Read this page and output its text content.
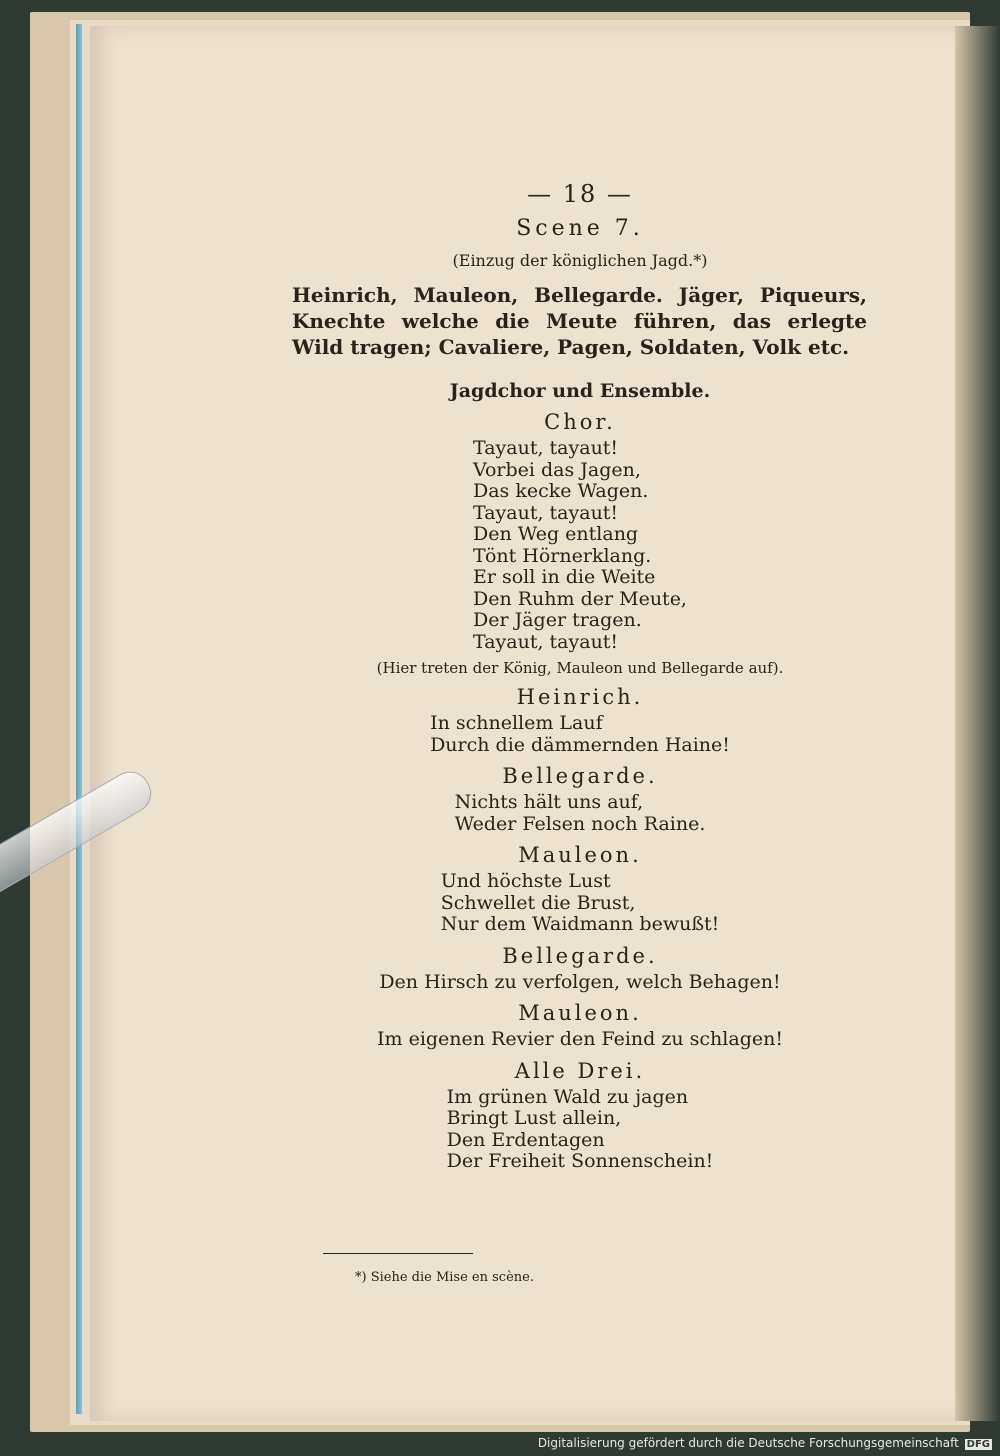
— 18 —
Scene 7.
(Einzug der königlichen Jagd.*)
Heinrich, Mauleon, Bellegarde. Jäger, Piqueurs, Knechte welche die Meute führen, das erlegte Wild tragen; Cavaliere, Pagen, Soldaten, Volk etc.
Jagdchor und Ensemble.
Chor.
Tayaut, tayaut!
Vorbei das Jagen,
Das kecke Wagen.
Tayaut, tayaut!
Den Weg entlang
Tönt Hörnerklang.
Er soll in die Weite
Den Ruhm der Meute,
Der Jäger tragen.
Tayaut, tayaut!
(Hier treten der König, Mauleon und Bellegarde auf).
Heinrich.
In schnellem Lauf
Durch die dämmernden Haine!
Bellegarde.
Nichts hält uns auf,
Weder Felsen noch Raine.
Mauleon.
Und höchste Lust
Schwellet die Brust,
Nur dem Waidmann bewußt!
Bellegarde.
Den Hirsch zu verfolgen, welch Behagen!
Mauleon.
Im eigenen Revier den Feind zu schlagen!
Alle Drei.
Im grünen Wald zu jagen
Bringt Lust allein,
Den Erdentagen
Der Freiheit Sonnenschein!
*) Siehe die Mise en scène.
Digitalisierung gefördert durch die Deutsche Forschungsgemeinschaft DFG
